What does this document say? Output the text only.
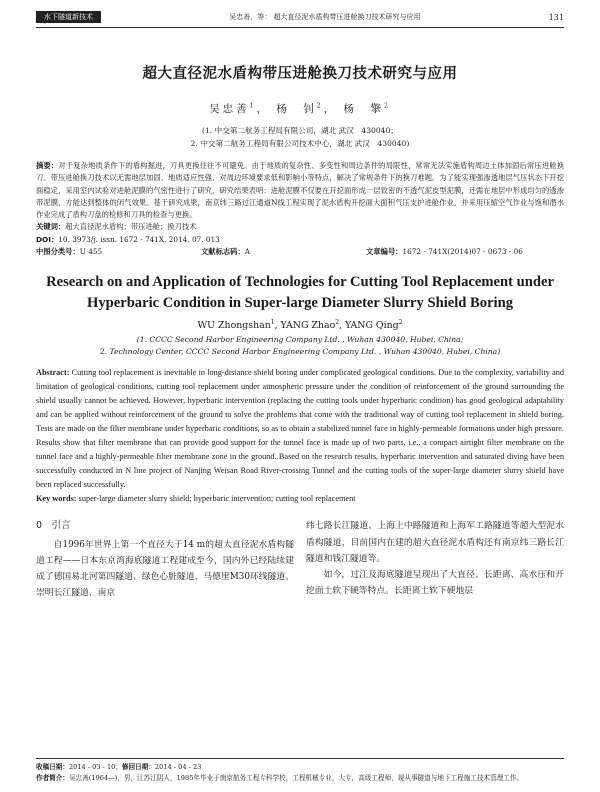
水下隧道新技术	吴忠善，等： 超大直径泥水盾构带压进舱换刀技术研究与应用	131
超大直径泥水盾构带压进舱换刀技术研究与应用
吴忠善$^1$， 杨　钊$^2$， 杨　擎$^2$
(1. 中交第二航务工程局有限公司，湖北 武汉　430040；
2. 中交第二航务工程局有限公司技术中心，湖北 武汉　430040)
摘要：对于复杂地质条件下的盾构掘进，刀具更换往往不可避免。由于地质的复杂性、多变性和周边条件的局限性，常常无法实施盾构周边土体加固后常压进舱换刀。带压进舱换刀技术以无需地层加固、地质适应性强、对周边环境要求低和影响小等特点，解决了常规条件下的换刀难题。为了能实现强渗透地层气压状态下开挖面稳定，采用室内试验对进舱泥膜的气密性进行了研究，研究结果表明：进舱泥膜不仅要在开挖面形成一层致密的不透气泥皮型泥膜，还需在地层中形成均匀的透渗带泥膜，方能达到整体的闭气效果。基于研究成果，南京纬三路过江通道N线工程实现了泥水盾构开挖面大面积气压支护进舱作业，并采用压缩空气作业与饱和潜水作业完成了盾构刀盘的检修和刀具的检查与更换。
关键词：超大直径泥水盾构；带压进舱；换刀技术
DOI：10. 3973/j. issn. 1672 - 741X. 2014. 07. 013
中图分类号：U 455	文献标志码：A	文章编号：1672 - 741X(2014)07 - 0673 - 06
Research on and Application of Technologies for Cutting Tool Replacement under Hyperbaric Condition in Super-large Diameter Slurry Shield Boring
WU Zhongshan$^1$, YANG Zhao$^2$, YANG Qing$^2$
(1. CCCC Second Harbor Engineering Company Ltd. , Wuhan 430040, Hubei, China;
2. Technology Center, CCCC Second Harbor Engineering Company Ltd. , Wuhan 430040, Hubei, China)
Abstract: Cutting tool replacement is inevitable in long-distance shield boring under complicated geological conditions. Due to the complexity, variability and limitation of geological conditions, cutting tool replacement under atmospheric pressure under the condition of reinforcement of the ground surrounding the shield usually cannot be achieved. However, hyperbaric intervention (replacing the cutting tools under hyperbaric condition) has good geological adaptability and can be applied without reinforcement of the ground to solve the problems that come with the traditional way of cutting tool replacement in shield boring. Tests are made on the filter membrane under hyperbaric conditions, so as to obtain a stabilized tunnel face in highly-permeable formations under high pressure. Results show that filter membrane that can provide good support for the tunnel face is made up of two parts, i.e., a compact airtight filter membrane on the tunnel face and a highly-permeable filter membrane zone in the ground. Based on the research results, hyperbaric intervention and saturated diving have been successfully conducted in N line project of Nanjing Weisan Road River-crossing Tunnel and the cutting tools of the super-large diameter slurry shield have been replaced successfully.
Key words: super-large diameter slurry shield; hyperbaric intervention; cutting tool replacement
0　引言

自1996年世界上第一个直径大于14 m的超大直径泥水盾构隧道工程——日本东京湾海底隧道工程建成至今，国内外已经陆续建成了德国易北河第四隧道、绿色心脏隧道、马德里M30环线隧道、崇明长江隧道、南京

纬七路长江隧道、上海上中路隧道和上海军工路隧道等超大型泥水盾构隧道，目前国内在建的超大直径泥水盾构还有南京纬三路长江隧道和钱江隧道等。

如今，过江及海底隧道呈现出了大直径、长距离、高水压和开挖面土软下硬等特点。长距离土软下硬地层

收稿日期：2014 - 03 - 10；修回日期：2014 - 04 - 23
作者简介：吴忠善(1964—)，男，江苏江阴人，1985年毕业于南京航务工程专科学校，工程机械专业，大专，高级工程师，现从事隧道与地下工程施工技术管理工作。
